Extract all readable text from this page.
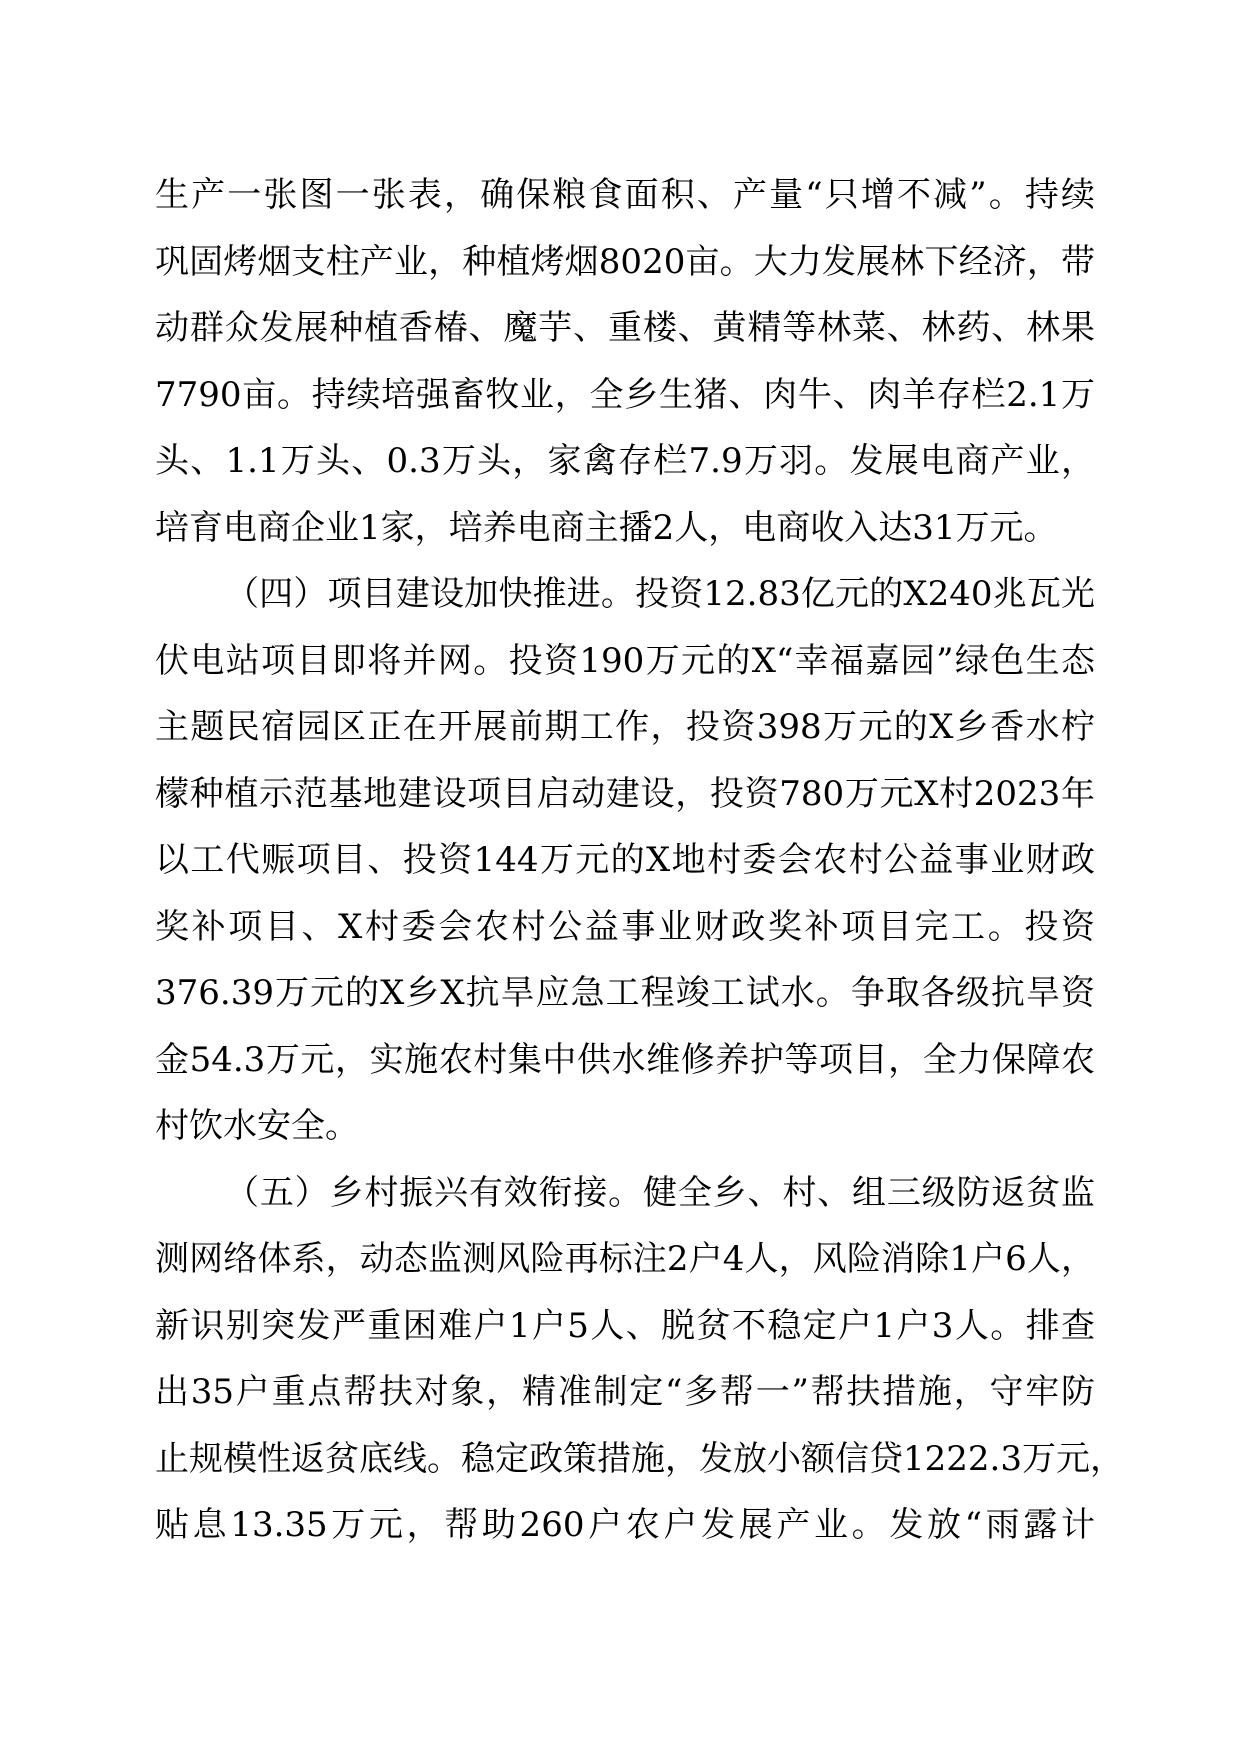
生产一张图一张表，确保粮食面积、产量“只增不减”。持续
巩固烤烟支柱产业，种植烤烟8020亩。大力发展林下经济，带
动群众发展种植香椿、魔芋、重楼、黄精等林菜、林药、林果
7790亩。持续培强畜牧业，全乡生猪、肉牛、肉羊存栏2.1万
头、1.1万头、0.3万头，家禽存栏7.9万羽。发展电商产业，
培育电商企业1家，培养电商主播2人，电商收入达31万元。
（四）项目建设加快推进。投资12.83亿元的X240兆瓦光
伏电站项目即将并网。投资190万元的X“幸福嘉园”绿色生态
主题民宿园区正在开展前期工作，投资398万元的X乡香水柠
檬种植示范基地建设项目启动建设，投资780万元X村2023年
以工代赈项目、投资144万元的X地村委会农村公益事业财政
奖补项目、X村委会农村公益事业财政奖补项目完工。投资
376.39万元的X乡X抗旱应急工程竣工试水。争取各级抗旱资
金54.3万元，实施农村集中供水维修养护等项目，全力保障农
村饮水安全。
（五）乡村振兴有效衔接。健全乡、村、组三级防返贫监
测网络体系，动态监测风险再标注2户4人，风险消除1户6人，
新识别突发严重困难户1户5人、脱贫不稳定户1户3人。排查
出35户重点帮扶对象，精准制定“多帮一”帮扶措施，守牢防
止规模性返贫底线。稳定政策措施，发放小额信贷1222.3万元，
贴息13.35万元，帮助260户农户发展产业。发放“雨露计
